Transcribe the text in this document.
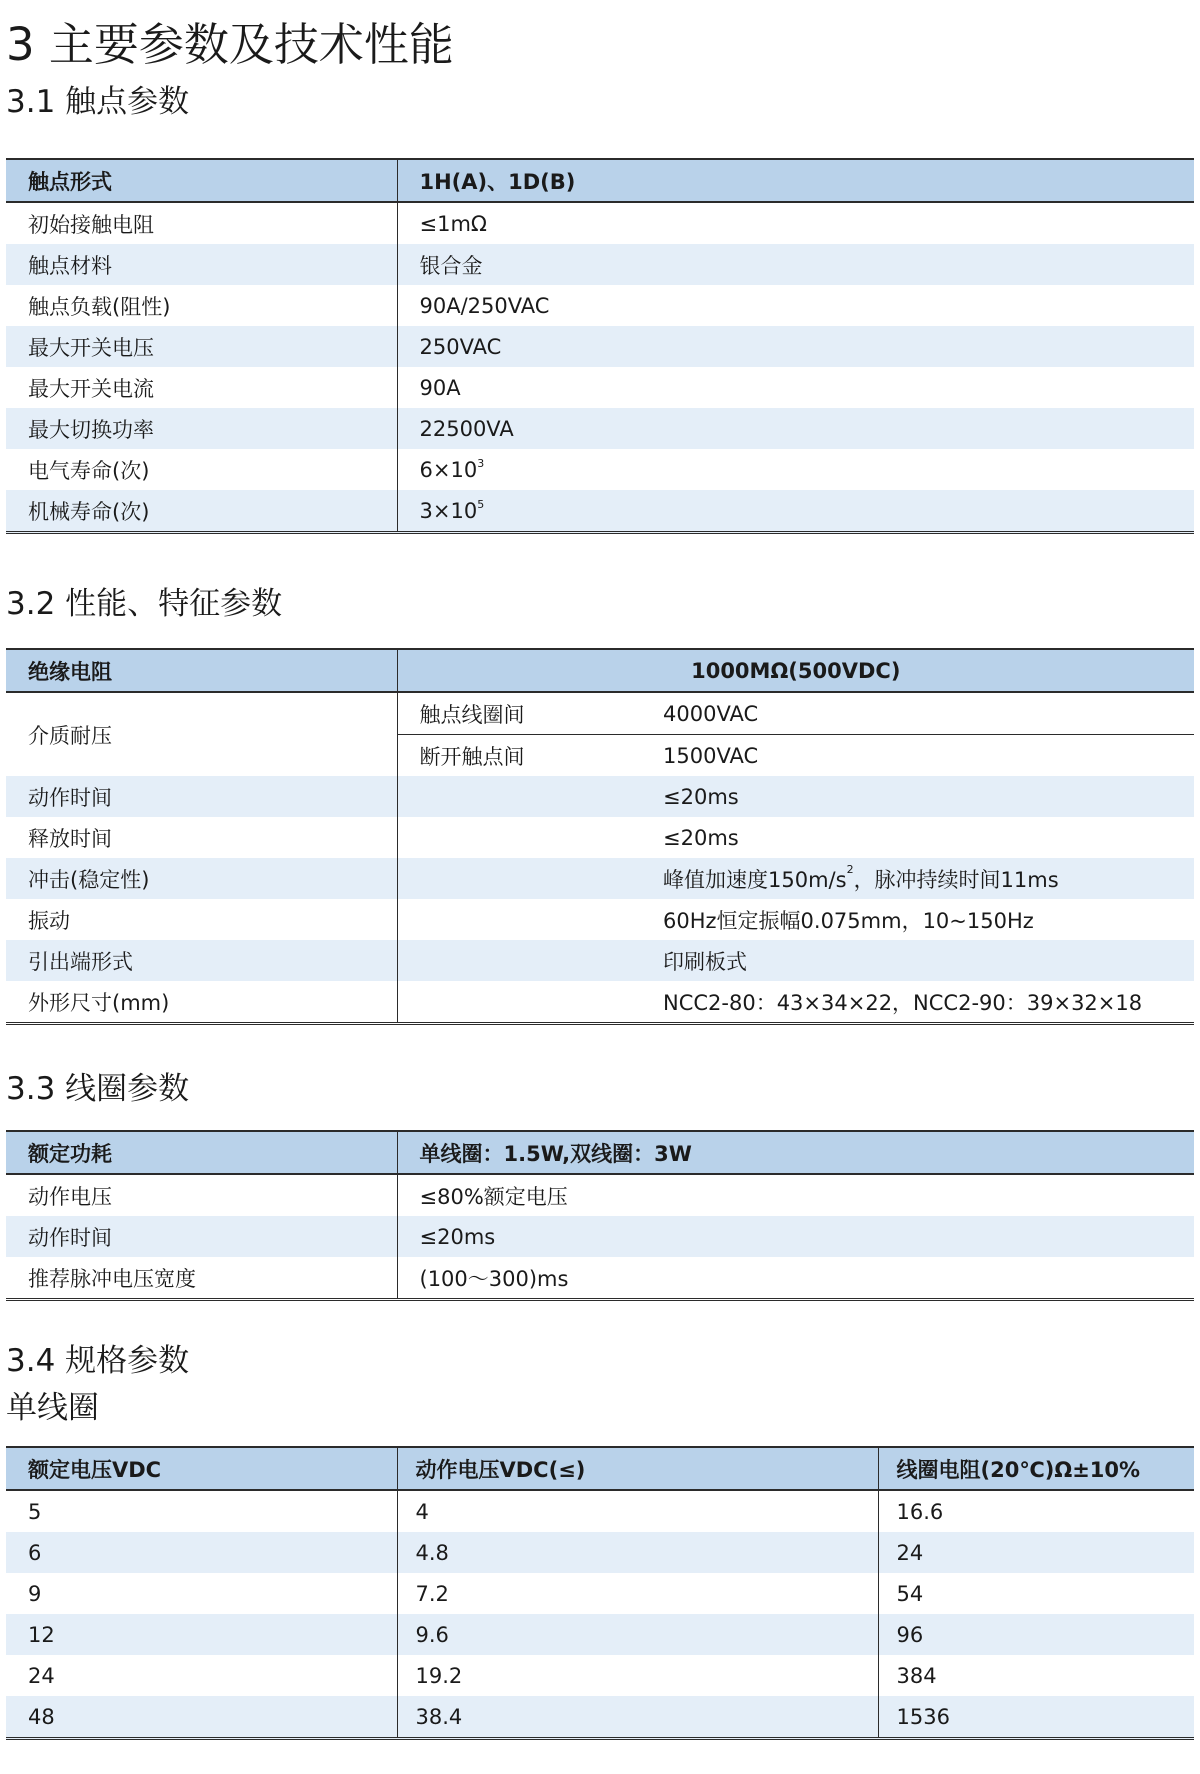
3 主要参数及技术性能
3.1 触点参数
触点形式	1H(A)、1D(B)
初始接触电阻	≤1mΩ
触点材料	银合金
触点负载(阻性)	90A/250VAC
最大开关电压	250VAC
最大开关电流	90A
最大切换功率	22500VA
电气寿命(次)	$6\times 10^3$
机械寿命(次)	$3\times 10^5$
3.2 性能、特征参数
绝缘电阻	1000MΩ(500VDC)	
介质耐压	触点线圈间	4000VAC
	断开触点间	1500VAC
动作时间		≤20ms
释放时间		≤20ms
冲击(稳定性)		峰值加速度$150m/s^2$，脉冲持续时间11ms
振动		60Hz恒定振幅0.075mm，10~150Hz
引出端形式		印刷板式
外形尺寸(mm)		NCC2-80：43×34×22，NCC2-90：39×32×18
3.3 线圈参数
额定功耗	单线圈：1.5W,双线圈：3W
动作电压	≤80%额定电压
动作时间	≤20ms
推荐脉冲电压宽度	(100～300)ms
3.4 规格参数
单线圈
额定电压VDC	动作电压VDC(≤)	线圈电阻(20℃)Ω±10%
5	4	16.6
6	4.8	24
9	7.2	54
12	9.6	96
24	19.2	384
48	38.4	1536
